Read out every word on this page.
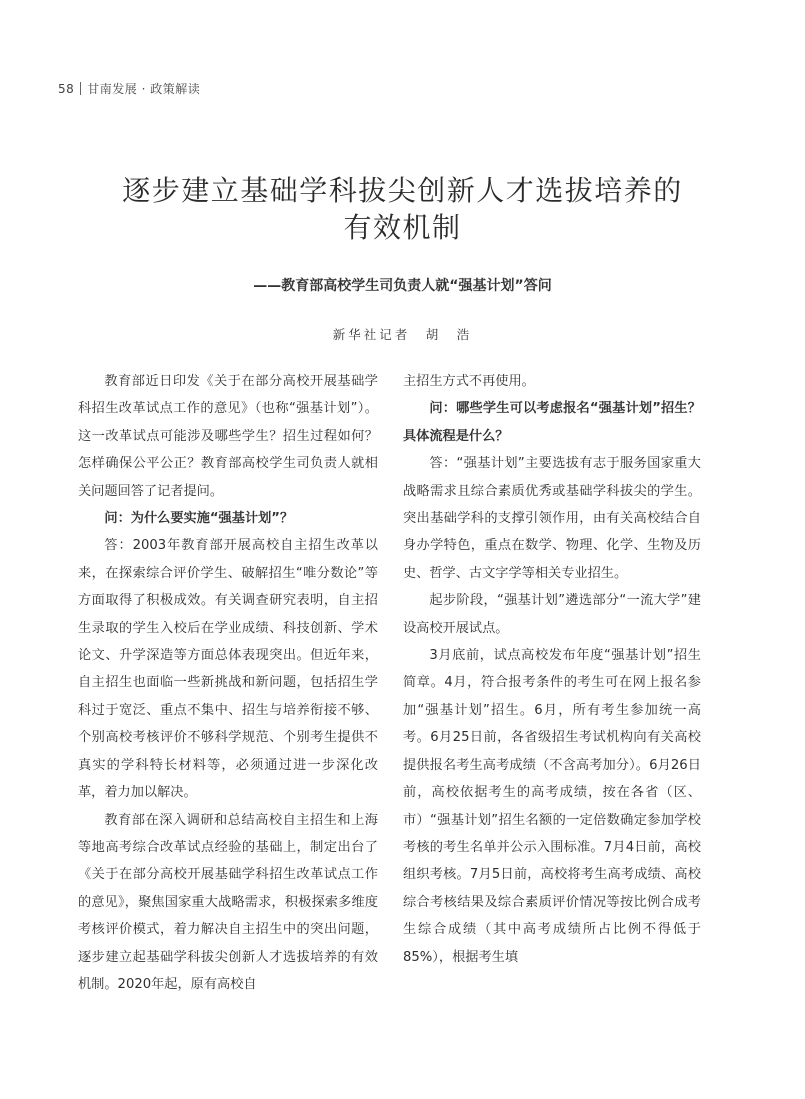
58 甘南发展 · 政策解读
逐步建立基础学科拔尖创新人才选拔培养的
有效机制
——教育部高校学生司负责人就“强基计划”答问
新华社记者　胡　浩

教育部近日印发《关于在部分高校开展基础学科招生改革试点工作的意见》（也称“强基计划”）。这一改革试点可能涉及哪些学生？招生过程如何？怎样确保公平公正？教育部高校学生司负责人就相关问题回答了记者提问。

问：为什么要实施“强基计划”？

答：2003年教育部开展高校自主招生改革以来，在探索综合评价学生、破解招生“唯分数论”等方面取得了积极成效。有关调查研究表明，自主招生录取的学生入校后在学业成绩、科技创新、学术论文、升学深造等方面总体表现突出。但近年来，自主招生也面临一些新挑战和新问题，包括招生学科过于宽泛、重点不集中、招生与培养衔接不够、个别高校考核评价不够科学规范、个别考生提供不真实的学科特长材料等，必须通过进一步深化改革，着力加以解决。

教育部在深入调研和总结高校自主招生和上海等地高考综合改革试点经验的基础上，制定出台了《关于在部分高校开展基础学科招生改革试点工作的意见》，聚焦国家重大战略需求，积极探索多维度考核评价模式，着力解决自主招生中的突出问题，逐步建立起基础学科拔尖创新人才选拔培养的有效机制。2020年起，原有高校自

主招生方式不再使用。

问：哪些学生可以考虑报名“强基计划”招生？具体流程是什么？

答：“强基计划”主要选拔有志于服务国家重大战略需求且综合素质优秀或基础学科拔尖的学生。突出基础学科的支撑引领作用，由有关高校结合自身办学特色，重点在数学、物理、化学、生物及历史、哲学、古文字学等相关专业招生。

起步阶段，“强基计划”遴选部分“一流大学”建设高校开展试点。

3月底前，试点高校发布年度“强基计划”招生简章。4月，符合报考条件的考生可在网上报名参加“强基计划”招生。6月，所有考生参加统一高考。6月25日前，各省级招生考试机构向有关高校提供报名考生高考成绩（不含高考加分）。6月26日前，高校依据考生的高考成绩，按在各省（区、市）“强基计划”招生名额的一定倍数确定参加学校考核的考生名单并公示入围标准。7月4日前，高校组织考核。7月5日前，高校将考生高考成绩、高校综合考核结果及综合素质评价情况等按比例合成考生综合成绩（其中高考成绩所占比例不得低于85%），根据考生填
